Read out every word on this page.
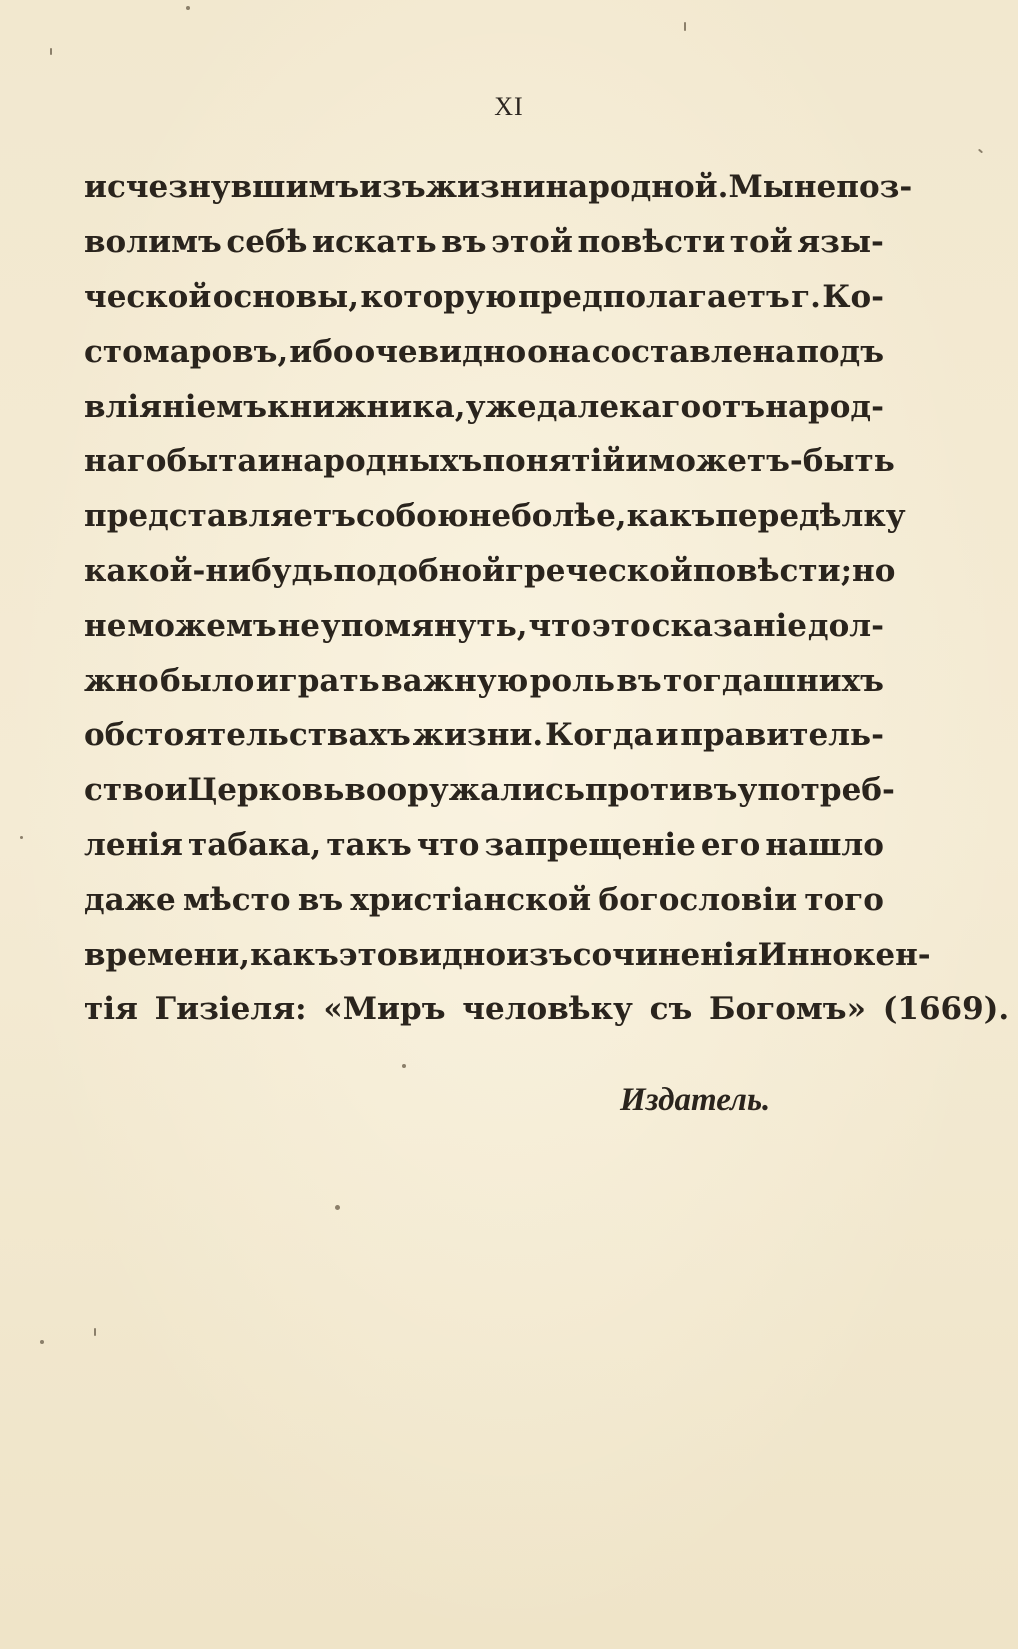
XI
исчезнувшимъ изъ жизни народной. Мы не поз-
волимъ себѣ искать въ этой повѣсти той язы-
ческой основы, которую предполагаетъ г. Ко-
стомаровъ, ибо очевидно она составлена подъ
влiянiемъ книжника, уже далекаго отъ народ-
наго быта и народныхъ понятiй и можетъ-быть
представляетъ собою не болѣе, какъ передѣлку
какой-нибудь подобной греческой повѣсти; но
не можемъ не упомянуть, что это сказанiе дол-
жно было играть важную роль въ тогдашнихъ
обстоятельствахъ жизни. Когда и правитель-
ство и Церковь вооружались противъ употреб-
ленiя табака, такъ что запрещенiе его нашло
даже мѣсто въ христiанской богословiи того
времени, какъ это видно изъ сочиненiя Иннокен-
тiя Гизiеля: «Миръ человѣку съ Богомъ» (1669).
Издатель.
